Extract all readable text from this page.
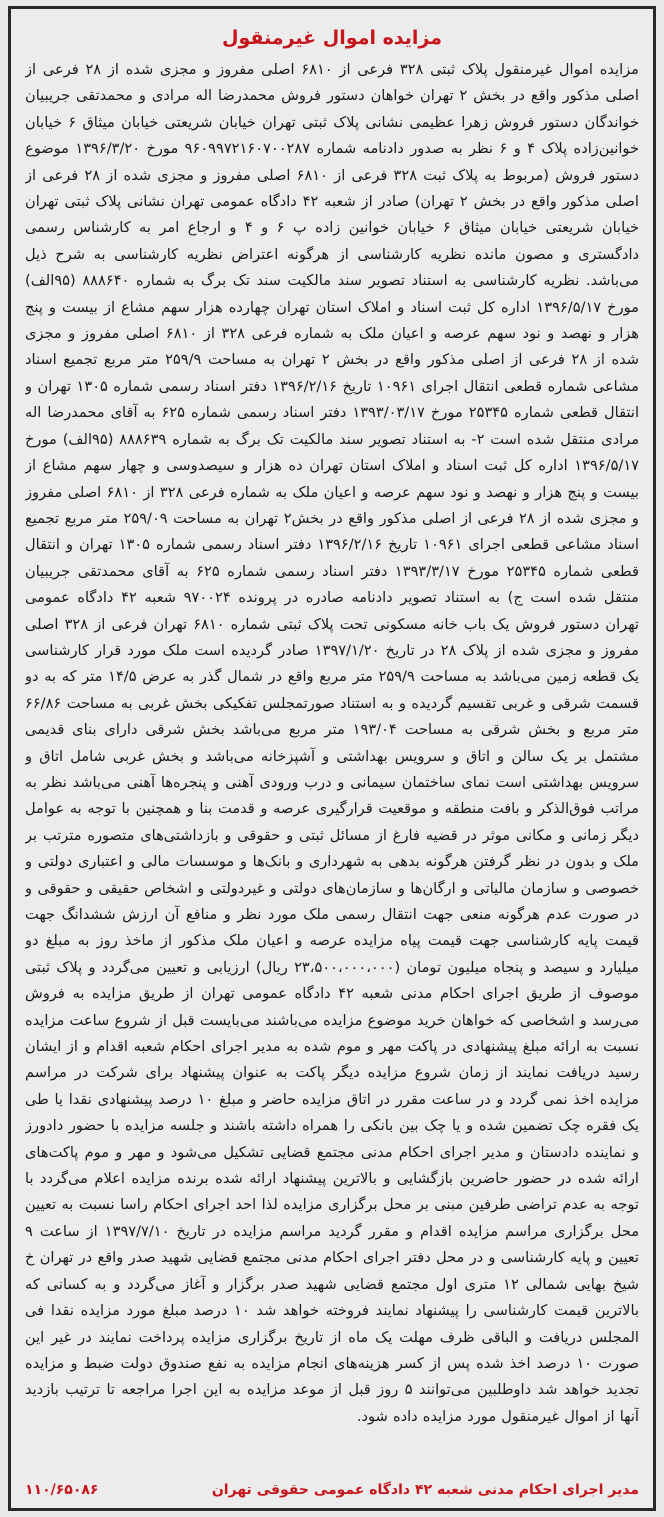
مزایده اموال غیرمنقول

مزایده اموال غیرمنقول پلاک ثبتی ۳۲۸ فرعی از ۶۸۱۰ اصلی مفروز و مجزی شده از ۲۸ فرعی از اصلی مذکور واقع در بخش ۲ تهران خواهان دستور فروش محمدرضا اله مرادی و محمدتقی جریبیان خواندگان دستور فروش زهرا عظیمی نشانی پلاک ثبتی تهران خیابان شریعتی خیابان میثاق ۶ خیابان خوانین‌زاده پلاک ۴ و ۶ نظر به صدور دادنامه شماره ۹۶۰۹۹۷۲۱۶۰۷۰۰۲۸۷ مورخ ۱۳۹۶/۳/۲۰ موضوع دستور فروش (مربوط به پلاک ثبت ۳۲۸ فرعی از ۶۸۱۰ اصلی مفروز و مجزی شده از ۲۸ فرعی از اصلی مذکور واقع در بخش ۲ تهران) صادر از شعبه ۴۲ دادگاه عمومی تهران نشانی پلاک ثبتی تهران خیابان شریعتی خیابان میثاق ۶ خیابان خوانین زاده پ ۶ و ۴ و ارجاع امر به کارشناس رسمی دادگستری و مصون مانده نظریه کارشناسی از هرگونه اعتراض نظریه کارشناسی به شرح ذیل می‌باشد. نظریه کارشناسی به استناد تصویر سند مالکیت سند تک برگ به شماره ۸۸۸۶۴۰ (۹۵الف) مورخ ۱۳۹۶/۵/۱۷ اداره کل ثبت اسناد و املاک استان تهران چهارده هزار سهم مشاع از بیست و پنج هزار و نهصد و نود سهم عرصه و اعیان ملک به شماره فرعی ۳۲۸ از ۶۸۱۰ اصلی مفروز و مجزی شده از ۲۸ فرعی از اصلی مذکور واقع در بخش ۲ تهران به مساحت ۲۵۹/۹ متر مربع تجمیع اسناد مشاعی شماره قطعی انتقال اجرای ۱۰۹۶۱ تاریخ ۱۳۹۶/۲/۱۶ دفتر اسناد رسمی شماره ۱۳۰۵ تهران و انتقال قطعی شماره ۲۵۳۴۵ مورخ ۱۳۹۳/۰۳/۱۷ دفتر اسناد رسمی شماره ۶۲۵ به آقای محمدرضا اله مرادی منتقل شده است ۲- به استناد تصویر سند مالکیت تک برگ به شماره ۸۸۸۶۳۹ (۹۵الف) مورخ ۱۳۹۶/۵/۱۷ اداره کل ثبت اسناد و املاک استان تهران ده هزار و سیصدوسی و چهار سهم مشاع از بیست و پنج هزار و نهصد و نود سهم عرصه و اعیان ملک به شماره فرعی ۳۲۸ از ۶۸۱۰ اصلی مفروز و مجزی شده از ۲۸ فرعی از اصلی مذکور واقع در بخش۲ تهران به مساحت ۲۵۹/۰۹ متر مربع تجمیع اسناد مشاعی قطعی اجرای ۱۰۹۶۱ تاریخ ۱۳۹۶/۲/۱۶ دفتر اسناد رسمی شماره ۱۳۰۵ تهران و انتقال قطعی شماره ۲۵۳۴۵ مورخ ۱۳۹۳/۳/۱۷ دفتر اسناد رسمی شماره ۶۲۵ به آقای محمدتقی جریبیان منتقل شده است ج) به استناد تصویر دادنامه صادره در پرونده ۹۷۰۰۲۴ شعبه ۴۲ دادگاه عمومی تهران دستور فروش یک باب خانه مسکونی تحت پلاک ثبتی شماره ۶۸۱۰ تهران فرعی از ۳۲۸ اصلی مفروز و مجزی شده از پلاک ۲۸ در تاریخ ۱۳۹۷/۱/۲۰ صادر گردیده است ملک مورد قرار کارشناسی یک قطعه زمین می‌باشد به مساحت ۲۵۹/۹ متر مربع واقع در شمال گذر به عرض ۱۴/۵ متر که به دو قسمت شرقی و غربی تقسیم گردیده و به استناد صورتمجلس تفکیکی بخش غربی به مساحت ۶۶/۸۶ متر مربع و بخش شرقی به مساحت ۱۹۳/۰۴ متر مربع می‌باشد بخش شرقی دارای بنای قدیمی مشتمل بر یک سالن و اتاق و سرویس بهداشتی و آشپزخانه می‌باشد و بخش غربی شامل اتاق و سرویس بهداشتی است نمای ساختمان سیمانی و درب ورودی آهنی و پنجره‌ها آهنی می‌باشد نظر به مراتب فوق‌الذکر و بافت منطقه و موقعیت قرارگیری عرصه و قدمت بنا و همچنین با توجه به عوامل دیگر زمانی و مکانی موثر در قضیه فارغ از مسائل ثبتی و حقوقی و بازداشتی‌های متصوره مترتب بر ملک و بدون در نظر گرفتن هرگونه بدهی به شهرداری و بانک‌ها و موسسات مالی و اعتباری دولتی و خصوصی و سازمان مالیاتی و ارگان‌ها و سازمان‌های دولتی و غیردولتی و اشخاص حقیقی و حقوقی و در صورت عدم هرگونه منعی جهت انتقال رسمی ملک مورد نظر و منافع آن ارزش ششدانگ جهت قیمت پایه کارشناسی جهت قیمت پیاه مزایده عرصه و اعیان ملک مذکور از ماخذ روز به مبلغ دو میلیارد و سیصد و پنجاه میلیون تومان (۲۳،۵۰۰،۰۰۰،۰۰۰ ریال) ارزیابی و تعیین می‌گردد و پلاک ثبتی موصوف از طریق اجرای احکام مدنی شعبه ۴۲ دادگاه عمومی تهران از طریق مزایده به فروش می‌رسد و اشخاصی که خواهان خرید موضوع مزایده می‌باشند می‌بایست قبل از شروع ساعت مزایده نسبت به ارائه مبلغ پیشنهادی در پاکت مهر و موم شده به مدیر اجرای احکام شعبه اقدام و از ایشان رسید دریافت نمایند از زمان شروع مزایده دیگر پاکت به عنوان پیشنهاد برای شرکت در مراسم مزایده اخذ نمی گردد و در ساعت مقرر در اتاق مزایده حاضر و مبلغ ۱۰ درصد پیشنهادی نقدا یا طی یک فقره چک تضمین شده و یا چک بین بانکی را همراه داشته باشند و جلسه مزایده با حضور دادورز و نماینده دادستان و مدیر اجرای احکام مدنی مجتمع قضایی تشکیل می‌شود و مهر و موم پاکت‌های ارائه شده در حضور حاضرین بازگشایی و بالاترین پیشنهاد ارائه شده برنده مزایده اعلام می‌گردد با توجه به عدم تراضی طرفین مبنی بر محل برگزاری مزایده لذا احد اجرای احکام راسا نسبت به تعیین محل برگزاری مراسم مزایده اقدام و مقرر گردید مراسم مزایده در تاریخ ۱۳۹۷/۷/۱۰ از ساعت ۹ تعیین و پایه کارشناسی و در محل دفتر اجرای احکام مدنی مجتمع قضایی شهید صدر واقع در تهران خ شیخ بهایی شمالی ۱۲ متری اول مجتمع قضایی شهید صدر برگزار و آغاز می‌گردد و به کسانی که بالاترین قیمت کارشناسی را پیشنهاد نمایند فروخته خواهد شد ۱۰ درصد مبلغ مورد مزایده نقدا فی المجلس دریافت و الباقی ظرف مهلت یک ماه از تاریخ برگزاری مزایده پرداخت نمایند در غیر این صورت ۱۰ درصد اخذ شده پس از کسر هزینه‌های انجام مزایده به نفع صندوق دولت ضبط و مزایده تجدید خواهد شد داوطلبین می‌توانند ۵ روز قبل از موعد مزایده به این اجرا مراجعه تا ترتیب بازدید آنها از اموال غیرمنقول مورد مزایده داده شود.

مدیر اجرای احکام مدنی شعبه ۴۲ دادگاه عمومی حقوقی تهران
۱۱۰/۶۵۰۸۶
